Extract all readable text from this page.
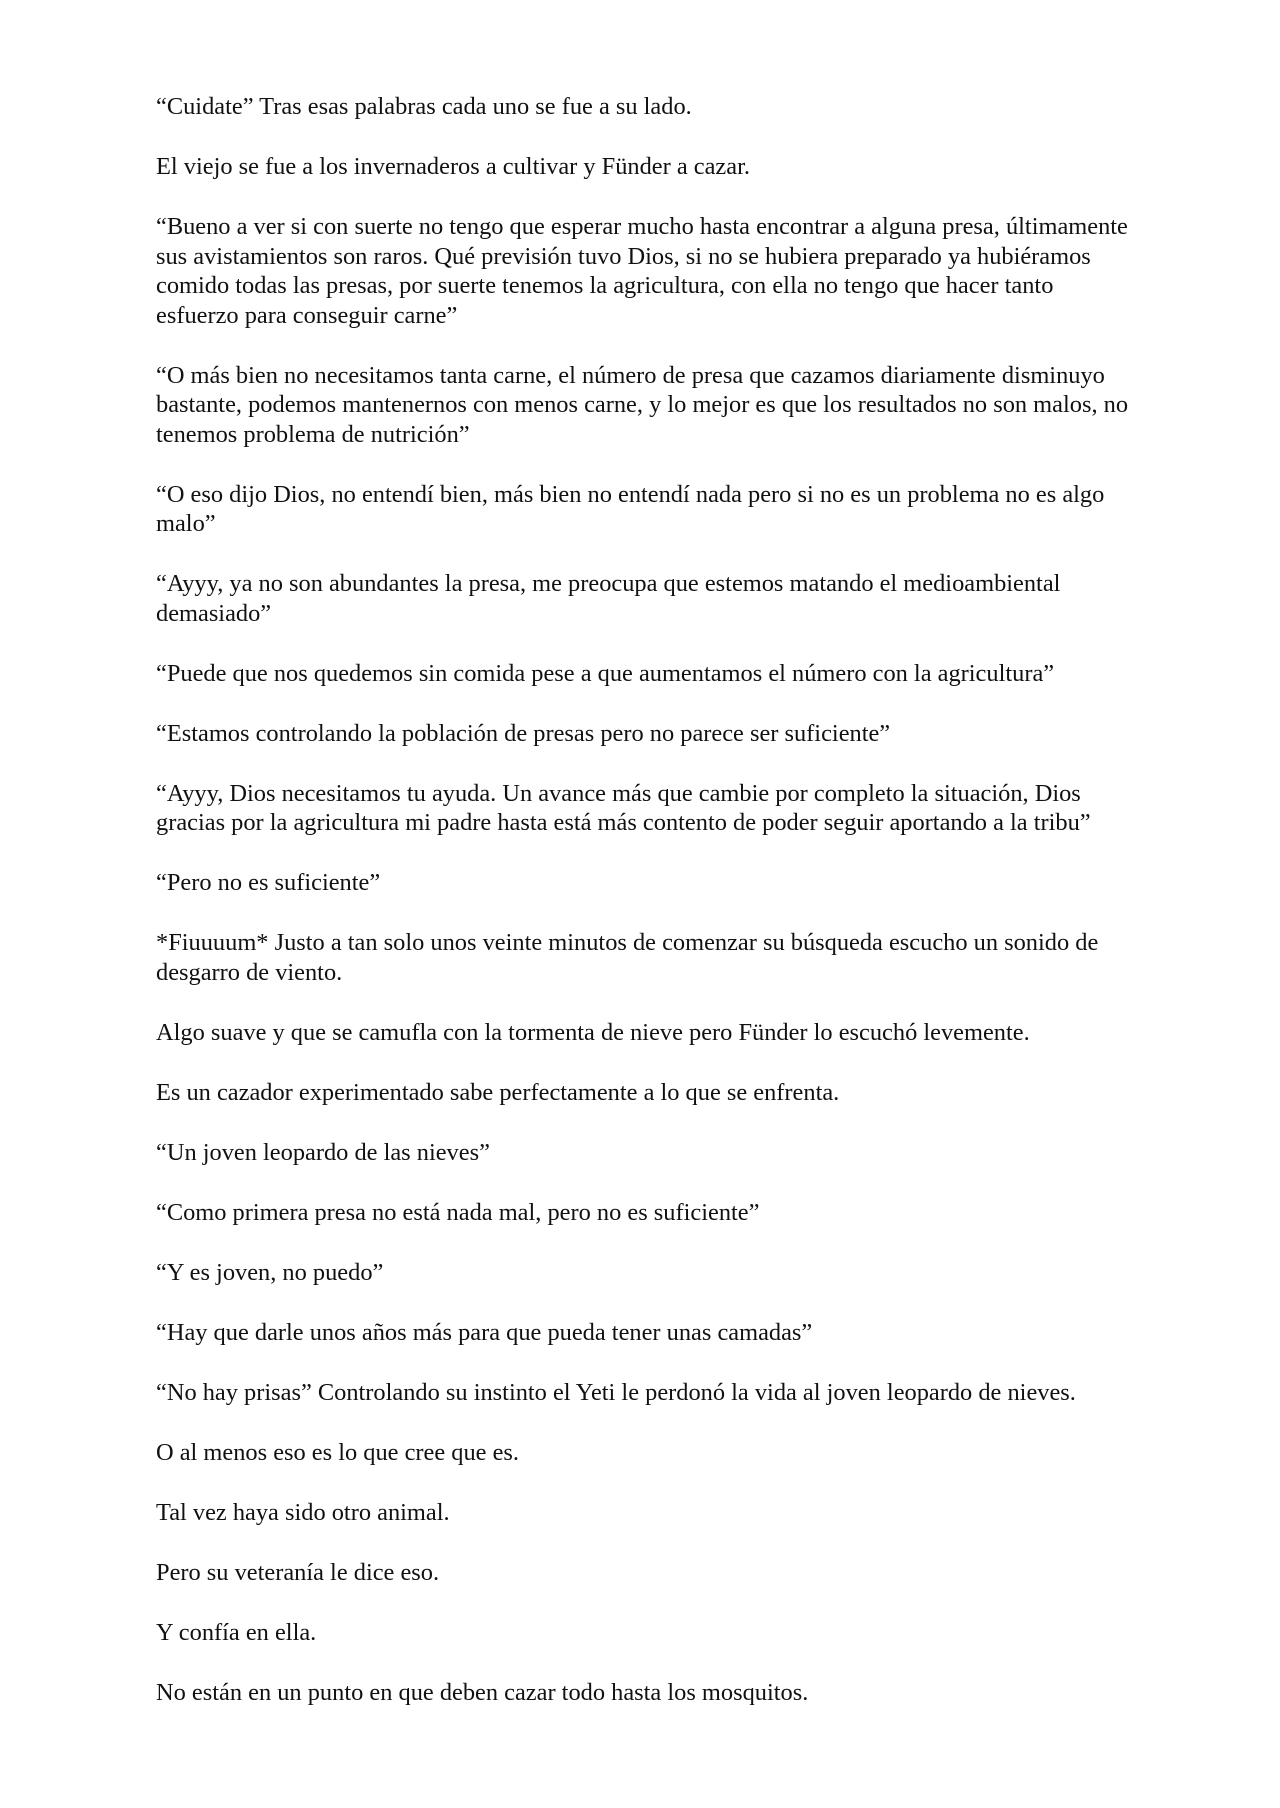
“Cuidate” Tras esas palabras cada uno se fue a su lado.

El viejo se fue a los invernaderos a cultivar y Fünder a cazar.

“Bueno a ver si con suerte no tengo que esperar mucho hasta encontrar a alguna presa, últimamente sus avistamientos son raros. Qué previsión tuvo Dios, si no se hubiera preparado ya hubiéramos comido todas las presas, por suerte tenemos la agricultura, con ella no tengo que hacer tanto esfuerzo para conseguir carne”

“O más bien no necesitamos tanta carne, el número de presa que cazamos diariamente disminuyo bastante, podemos mantenernos con menos carne, y lo mejor es que los resultados no son malos, no tenemos problema de nutrición”

“O eso dijo Dios, no entendí bien, más bien no entendí nada pero si no es un problema no es algo malo”

“Ayyy, ya no son abundantes la presa, me preocupa que estemos matando el medioambiental demasiado”

“Puede que nos quedemos sin comida pese a que aumentamos el número con la agricultura”

“Estamos controlando la población de presas pero no parece ser suficiente”

“Ayyy, Dios necesitamos tu ayuda. Un avance más que cambie por completo la situación, Dios gracias por la agricultura mi padre hasta está más contento de poder seguir aportando a la tribu”

“Pero no es suficiente”

*Fiuuuum* Justo a tan solo unos veinte minutos de comenzar su búsqueda escucho un sonido de desgarro de viento.

Algo suave y que se camufla con la tormenta de nieve pero Fünder lo escuchó levemente.

Es un cazador experimentado sabe perfectamente a lo que se enfrenta.

“Un joven leopardo de las nieves”

“Como primera presa no está nada mal, pero no es suficiente”

“Y es joven, no puedo”

“Hay que darle unos años más para que pueda tener unas camadas”

“No hay prisas” Controlando su instinto el Yeti le perdonó la vida al joven leopardo de nieves.

O al menos eso es lo que cree que es.

Tal vez haya sido otro animal.

Pero su veteranía le dice eso.

Y confía en ella.

No están en un punto en que deben cazar todo hasta los mosquitos.
